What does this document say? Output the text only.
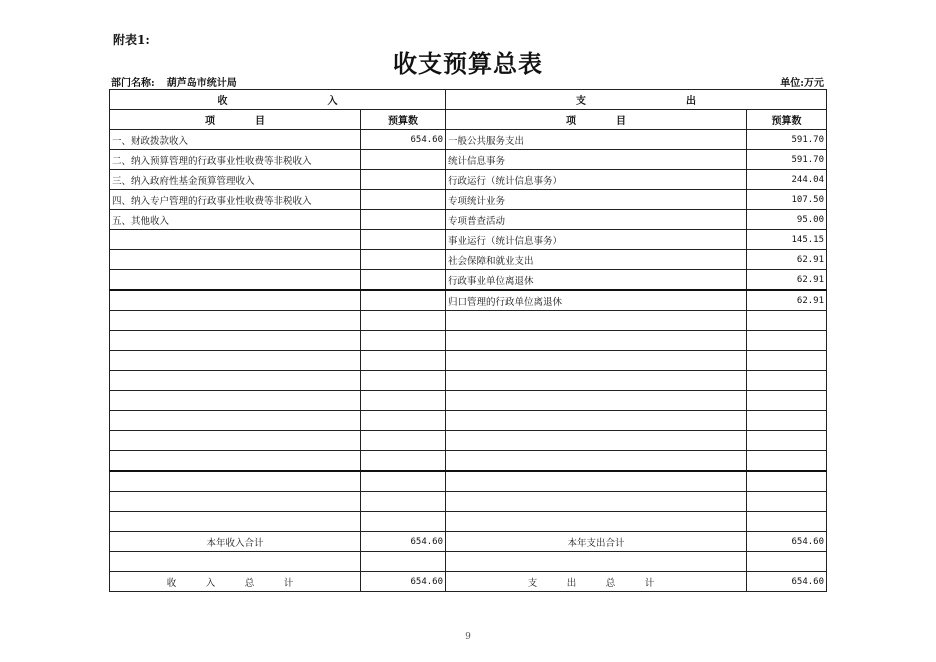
附表1:
收支预算总表
部门名称: 葫芦岛市统计局	单位:万元
收　　　　　　　　　　入		支　　　　　　　　　　出	
项　　　　目	预算数	项　　　　目	预算数
一、财政拨款收入	654.60	一般公共服务支出	591.70
二、纳入预算管理的行政事业性收费等非税收入		统计信息事务	591.70
三、纳入政府性基金预算管理收入		行政运行（统计信息事务）	244.04
四、纳入专户管理的行政事业性收费等非税收入		专项统计业务	107.50
五、其他收入		专项普查活动	95.00
		事业运行（统计信息事务）	145.15
		社会保障和就业支出	62.91
		行政事业单位离退休	62.91
		归口管理的行政单位离退休	62.91

本年收入合计	654.60	本年支出合计	654.60

收　入　总　计	654.60	支　出　总　计	654.60
9
